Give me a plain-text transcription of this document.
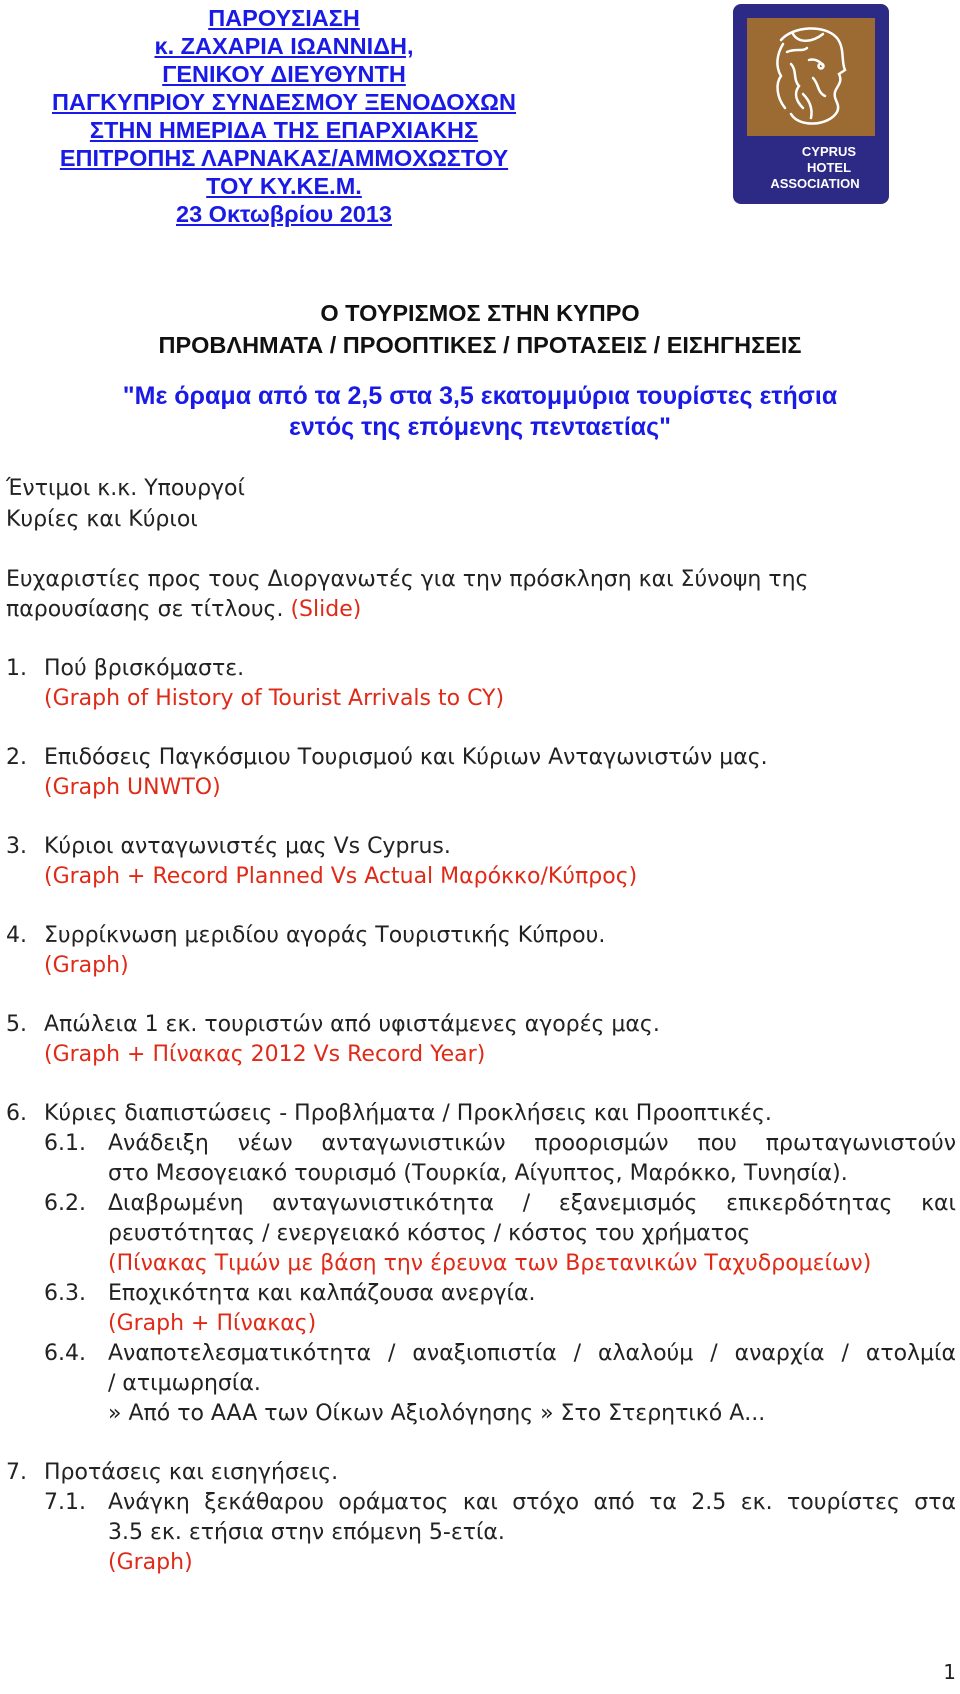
ΠΑΡΟΥΣΙΑΣΗ
κ. ΖΑΧΑΡΙΑ ΙΩΑΝΝΙΔΗ,
ΓΕΝΙΚΟΥ ΔΙΕΥΘΥΝΤΗ
ΠΑΓΚΥΠΡΙΟΥ ΣΥΝΔΕΣΜΟΥ ΞΕΝΟΔΟΧΩΝ
ΣΤΗΝ ΗΜΕΡΙΔΑ ΤΗΣ ΕΠΑΡΧΙΑΚΗΣ
ΕΠΙΤΡΟΠΗΣ ΛΑΡΝΑΚΑΣ/ΑΜΜΟΧΩΣΤΟΥ
ΤΟΥ ΚΥ.ΚΕ.Μ.
23 Οκτωβρίου 2013
CYPRUS
HOTEL
ASSOCIATION
Ο ΤΟΥΡΙΣΜΟΣ ΣΤΗΝ ΚΥΠΡΟ
ΠΡΟΒΛΗΜΑΤΑ / ΠΡΟΟΠΤΙΚΕΣ / ΠΡΟΤΑΣΕΙΣ / ΕΙΣΗΓΗΣΕΙΣ
"Με όραμα από τα 2,5 στα 3,5 εκατομμύρια τουρίστες ετήσια
εντός της επόμενης πενταετίας"
Έντιμοι κ.κ. Υπουργοί
Κυρίες και Κύριοι
Ευχαριστίες προς τους Διοργανωτές για την πρόσκληση και Σύνοψη της
παρουσίασης σε τίτλους. (Slide)
1. Πού βρισκόμαστε.
(Graph of History of Tourist Arrivals to CY)
2. Επιδόσεις Παγκόσμιου Τουρισμού και Κύριων Ανταγωνιστών μας.
(Graph UNWTO)
3. Κύριοι ανταγωνιστές μας Vs Cyprus.
(Graph + Record Planned Vs Actual Μαρόκκο/Κύπρος)
4. Συρρίκνωση μεριδίου αγοράς Τουριστικής Κύπρου.
(Graph)
5. Απώλεια 1 εκ. τουριστών από υφιστάμενες αγορές μας.
(Graph + Πίνακας 2012 Vs Record Year)
6. Κύριες διαπιστώσεις - Προβλήματα / Προκλήσεις και Προοπτικές.
6.1. Ανάδειξη νέων ανταγωνιστικών προορισμών που πρωταγωνιστούν
στο Μεσογειακό τουρισμό (Τουρκία, Αίγυπτος, Μαρόκκο, Τυνησία).
6.2. Διαβρωμένη ανταγωνιστικότητα / εξανεμισμός επικερδότητας και
ρευστότητας / ενεργειακό κόστος / κόστος του χρήματος
(Πίνακας Τιμών με βάση την έρευνα των Βρετανικών Ταχυδρομείων)
6.3. Εποχικότητα και καλπάζουσα ανεργία.
(Graph + Πίνακας)
6.4. Αναποτελεσματικότητα / αναξιοπιστία / αλαλούμ / αναρχία / ατολμία
/ ατιμωρησία.
» Από το AAA των Οίκων Αξιολόγησης » Στο Στερητικό Α...
7. Προτάσεις και εισηγήσεις.
7.1. Ανάγκη ξεκάθαρου οράματος και στόχο από τα 2.5 εκ. τουρίστες στα
3.5 εκ. ετήσια στην επόμενη 5-ετία.
(Graph)
1
